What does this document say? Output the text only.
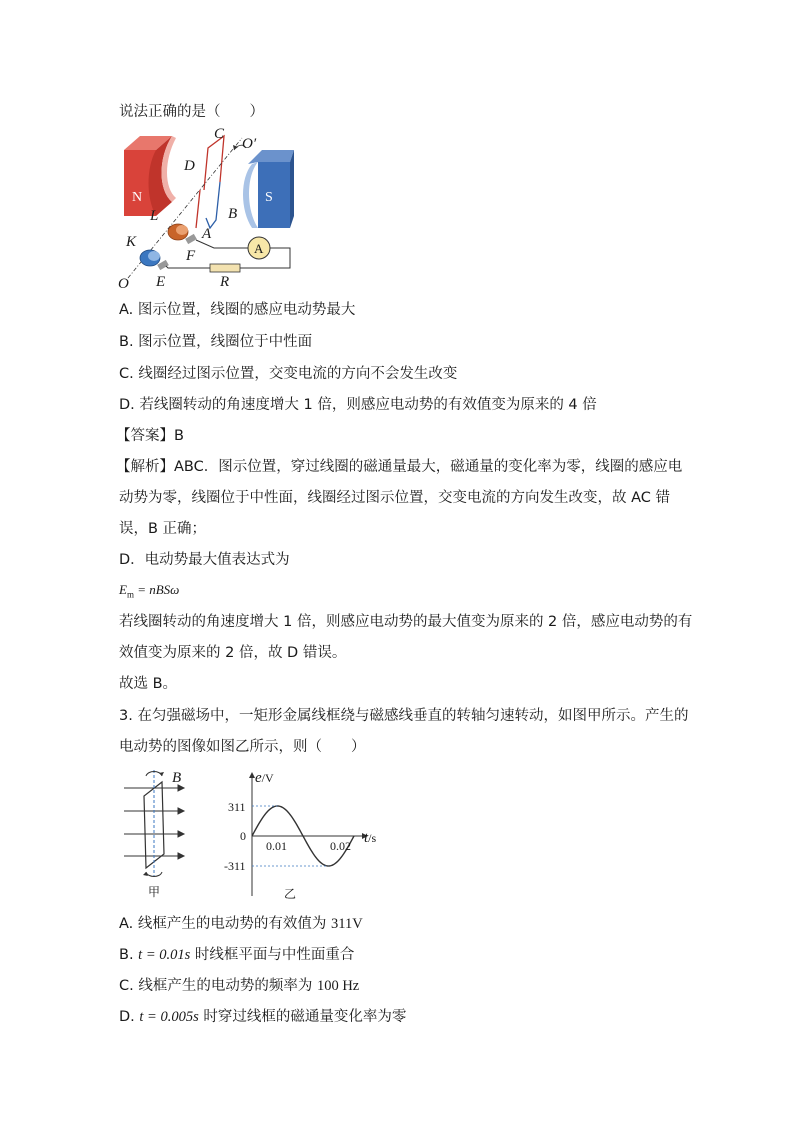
说法正确的是（　　）
N	S
A
C
O′
D
B
L
A
K
F
O E	R
A. 图示位置，线圈的感应电动势最大
B. 图示位置，线圈位于中性面
C. 线圈经过图示位置，交变电流的方向不会发生改变
D. 若线圈转动的角速度增大 1 倍，则感应电动势的有效值变为原来的 4 倍
【答案】B
【解析】ABC．图示位置，穿过线圈的磁通量最大，磁通量的变化率为零，线圈的感应电
动势为零，线圈位于中性面，线圈经过图示位置，交变电流的方向发生改变，故 AC 错
误，B 正确；
D．电动势最大值表达式为
$E_m = nBS\omega$
若线圈转动的角速度增大 1 倍，则感应电动势的最大值变为原来的 2 倍，感应电动势的有
效值变为原来的 2 倍，故 D 错误。
故选 B。
3. 在匀强磁场中，一矩形金属线框绕与磁感线垂直的转轴匀速转动，如图甲所示。产生的
电动势的图像如图乙所示，则（　　）
B
甲
e/V
t/s
311
0
-311
0.01	0.02
乙
A. 线框产生的电动势的有效值为 311V
B. t = 0.01s 时线框平面与中性面重合
C. 线框产生的电动势的频率为 100 Hz
D. t = 0.005s 时穿过线框的磁通量变化率为零
